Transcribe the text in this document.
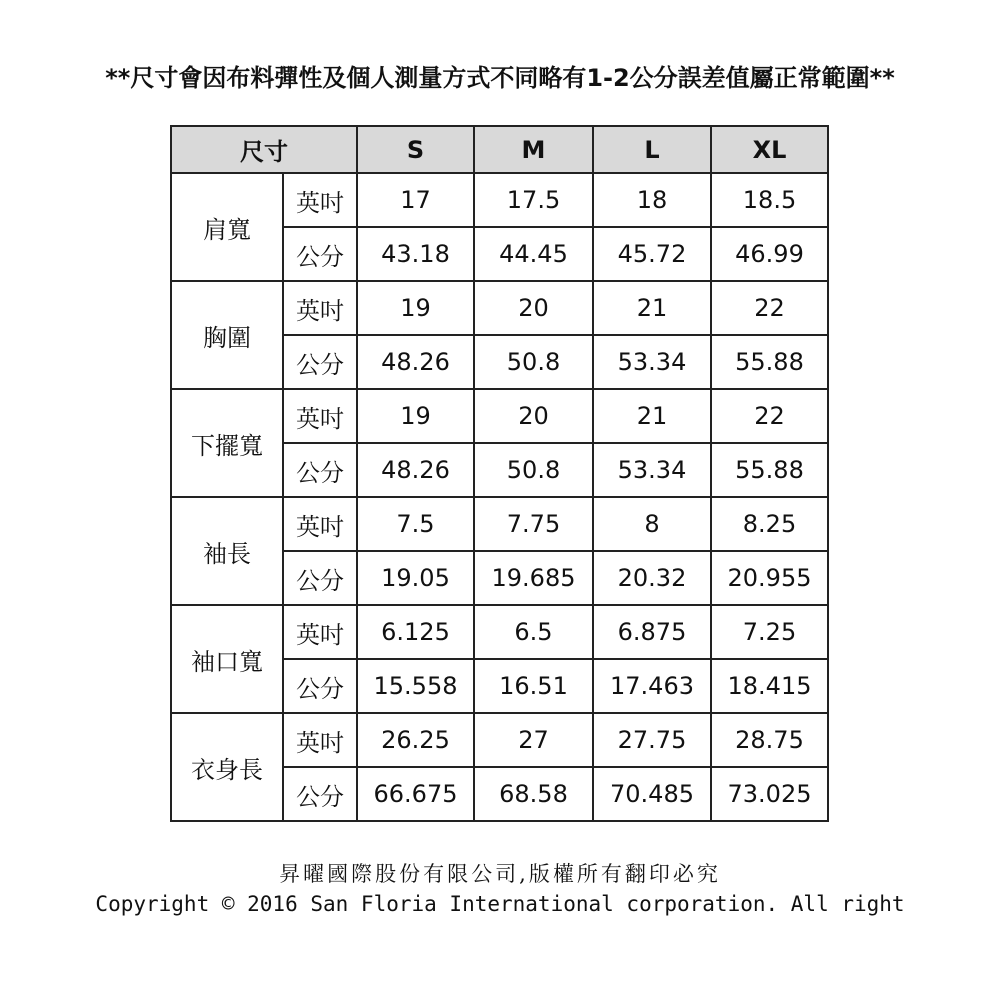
**尺寸會因布料彈性及個人測量方式不同略有1-2公分誤差值屬正常範圍**
尺寸		S	M	L	XL
肩寬	英吋	17	17.5	18	18.5
	公分	43.18	44.45	45.72	46.99
胸圍	英吋	19	20	21	22
	公分	48.26	50.8	53.34	55.88
下擺寬	英吋	19	20	21	22
	公分	48.26	50.8	53.34	55.88
袖長	英吋	7.5	7.75	8	8.25
	公分	19.05	19.685	20.32	20.955
袖口寬	英吋	6.125	6.5	6.875	7.25
	公分	15.558	16.51	17.463	18.415
衣身長	英吋	26.25	27	27.75	28.75
	公分	66.675	68.58	70.485	73.025
昇曜國際股份有限公司,版權所有翻印必究
Copyright © 2016 San Floria International corporation. All right
